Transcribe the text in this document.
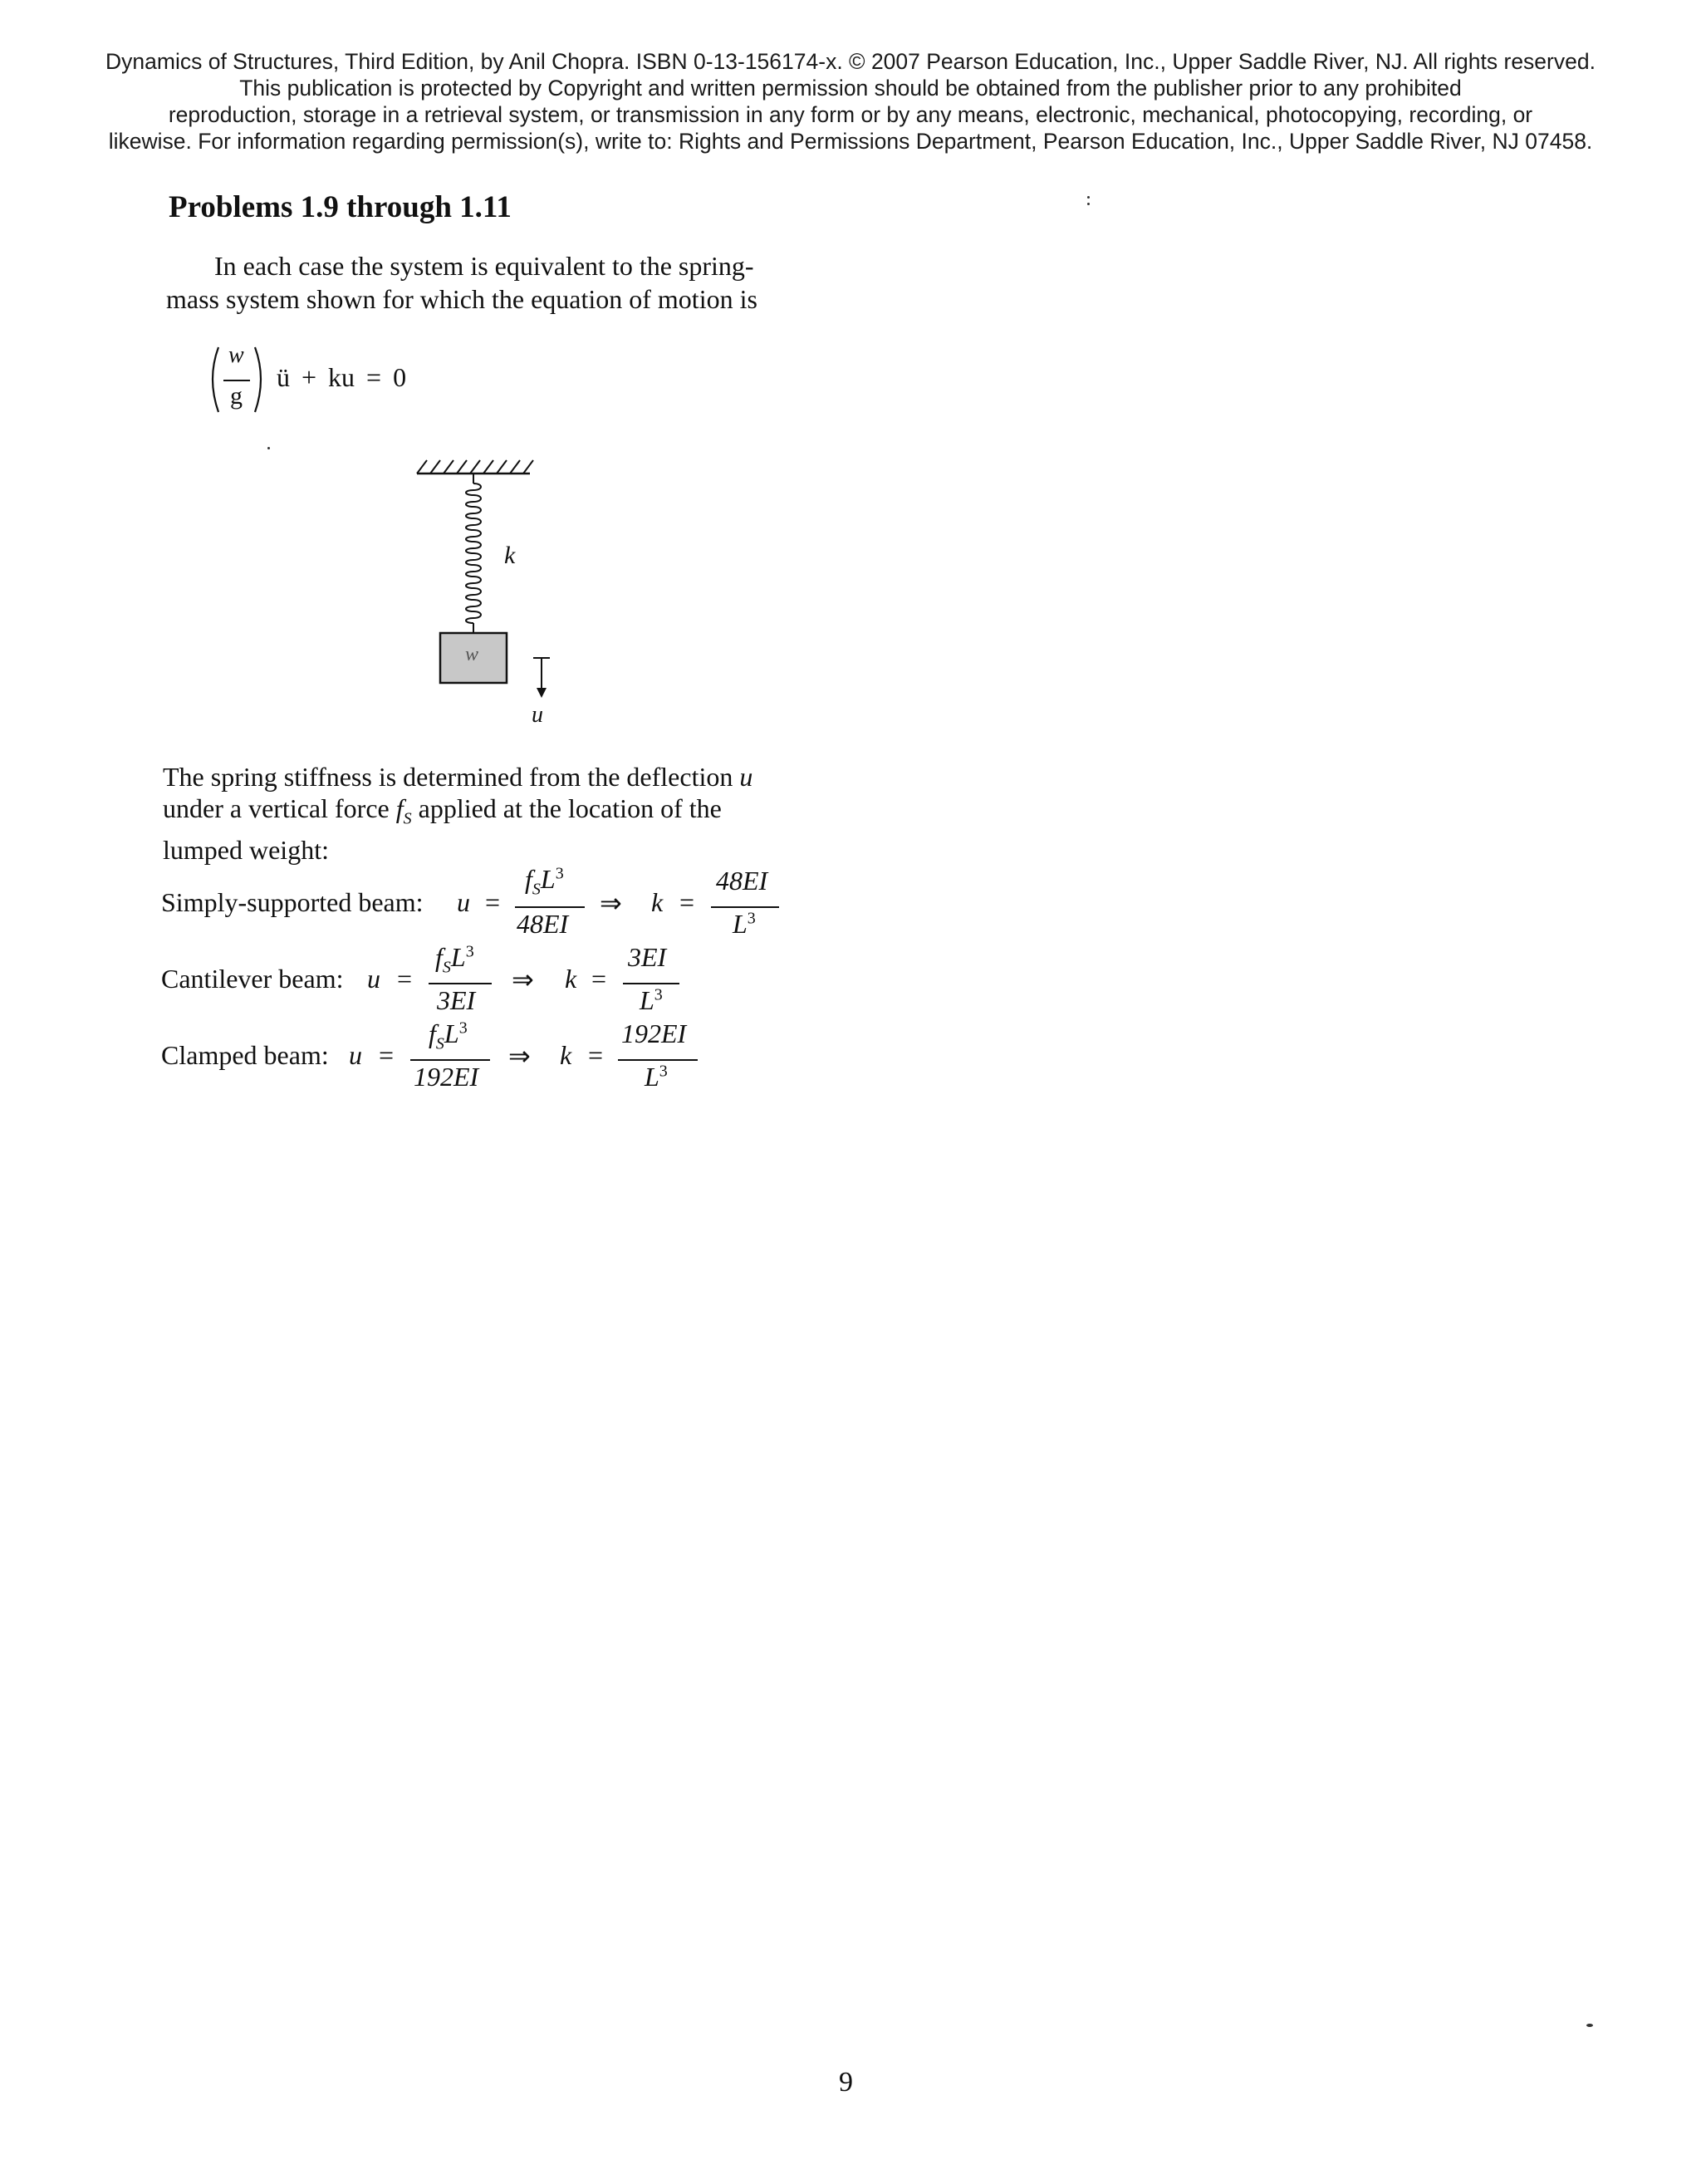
Dynamics of Structures, Third Edition, by Anil Chopra. ISBN 0-13-156174-x. © 2007 Pearson Education, Inc., Upper Saddle River, NJ. All rights reserved.
This publication is protected by Copyright and written permission should be obtained from the publisher prior to any prohibited
reproduction, storage in a retrieval system, or transmission in any form or by any means, electronic, mechanical, photocopying, recording, or
likewise. For information regarding permission(s), write to: Rights and Permissions Department, Pearson Education, Inc., Upper Saddle River, NJ 07458.
Problems 1.9 through 1.11
In each case the system is equivalent to the spring-
mass system shown for which the equation of motion is
w
g
ü + ku = 0
k
w
u
The spring stiffness is determined from the deflection u
under a vertical force $f_S$ applied at the location of the
lumped weight:
Simply-supported beam: u =
$f_SL^3$
48EI
⇒ k =
48EI
$L^3$
Cantilever beam: u =
$f_SL^3$
3EI
⇒ k =
3EI
$L^3$
Clamped beam: u =
$f_SL^3$
192EI
⇒ k =
192EI
$L^3$
9
